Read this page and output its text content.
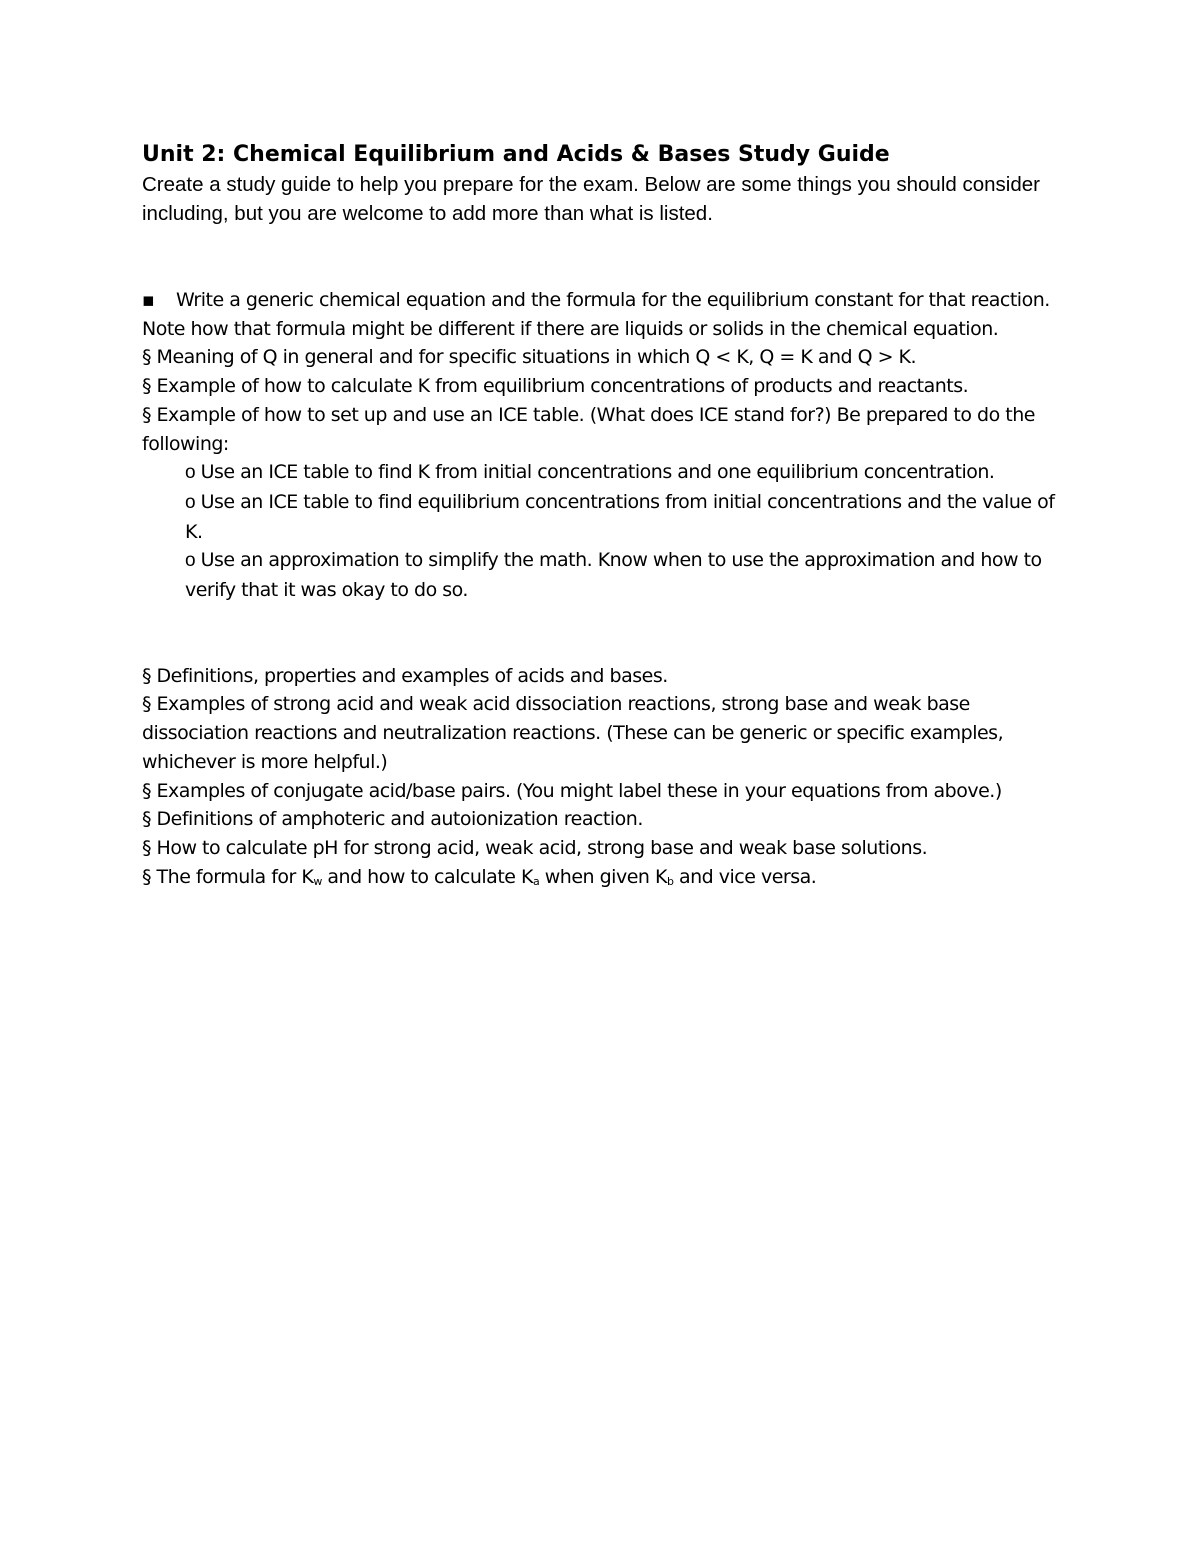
Unit 2: Chemical Equilibrium and Acids & Bases Study Guide

Create a study guide to help you prepare for the exam. Below are some things you should consider including, but you are welcome to add more than what is listed.

▪ Write a generic chemical equation and the formula for the equilibrium constant for that reaction. Note how that formula might be different if there are liquids or solids in the chemical equation.

§ Meaning of Q in general and for specific situations in which Q < K, Q = K and Q > K.

§ Example of how to calculate K from equilibrium concentrations of products and reactants.

§ Example of how to set up and use an ICE table. (What does ICE stand for?) Be prepared to do the following:

o Use an ICE table to find K from initial concentrations and one equilibrium concentration.

o Use an ICE table to find equilibrium concentrations from initial concentrations and the value of K.

o Use an approximation to simplify the math. Know when to use the approximation and how to verify that it was okay to do so.

§ Definitions, properties and examples of acids and bases.

§ Examples of strong acid and weak acid dissociation reactions, strong base and weak base dissociation reactions and neutralization reactions. (These can be generic or specific examples, whichever is more helpful.)

§ Examples of conjugate acid/base pairs. (You might label these in your equations from above.)

§ Definitions of amphoteric and autoionization reaction.

§ How to calculate pH for strong acid, weak acid, strong base and weak base solutions.

§ The formula for $K_w$ and how to calculate $K_a$ when given $K_b$ and vice versa.
